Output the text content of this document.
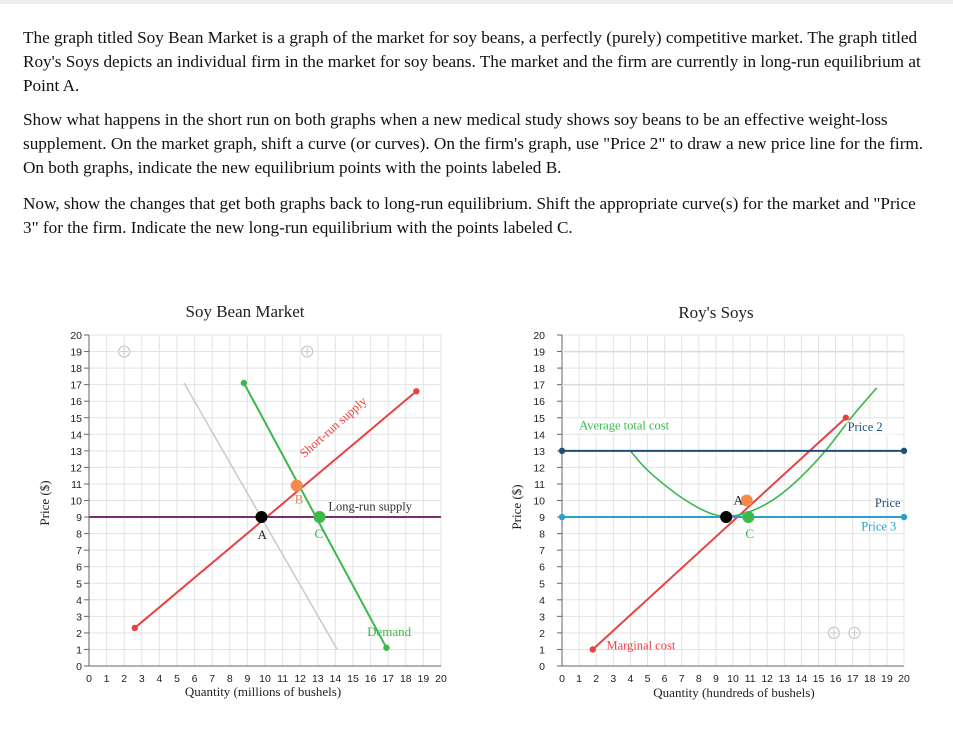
The graph titled Soy Bean Market is a graph of the market for soy beans, a perfectly (purely) competitive market. The graph titled Roy's Soys depicts an individual firm in the market for soy beans. The market and the firm are currently in long-run equilibrium at Point A.

Show what happens in the short run on both graphs when a new medical study shows soy beans to be an effective weight-loss supplement. On the market graph, shift a curve (or curves). On the firm's graph, use "Price 2" to draw a new price line for the firm. On both graphs, indicate the new equilibrium points with the points labeled B.

Now, show the changes that get both graphs back to long-run equilibrium. Shift the appropriate curve(s) for the market and "Price 3" for the firm. Indicate the new long-run equilibrium with the points labeled C.

Soy Bean Market
0
1
2
3
4
5
6
7
8
9
10
11
12
13
14
15
16
17
18
19
20
0 1 2 3 4 5 6 7 8 9 10 11 12 13 14 15 16 17 18 19 20
Quantity (millions of bushels)
Price ($)
A
B
C
Short-run supply
Long-run supply
Demand
Roy's Soys
0
1
2
3
4
5
6
7
8
9
10
11
12
13
14
15
16
17
18
19
20
0 1 2 3 4 5 6 7 8 9 10 11 12 13 14 15 16 17 18 19 20
Quantity (hundreds of bushels)
Price ($)
Average total cost	Price 2
Price
Price 3
Marginal cost
A
C
